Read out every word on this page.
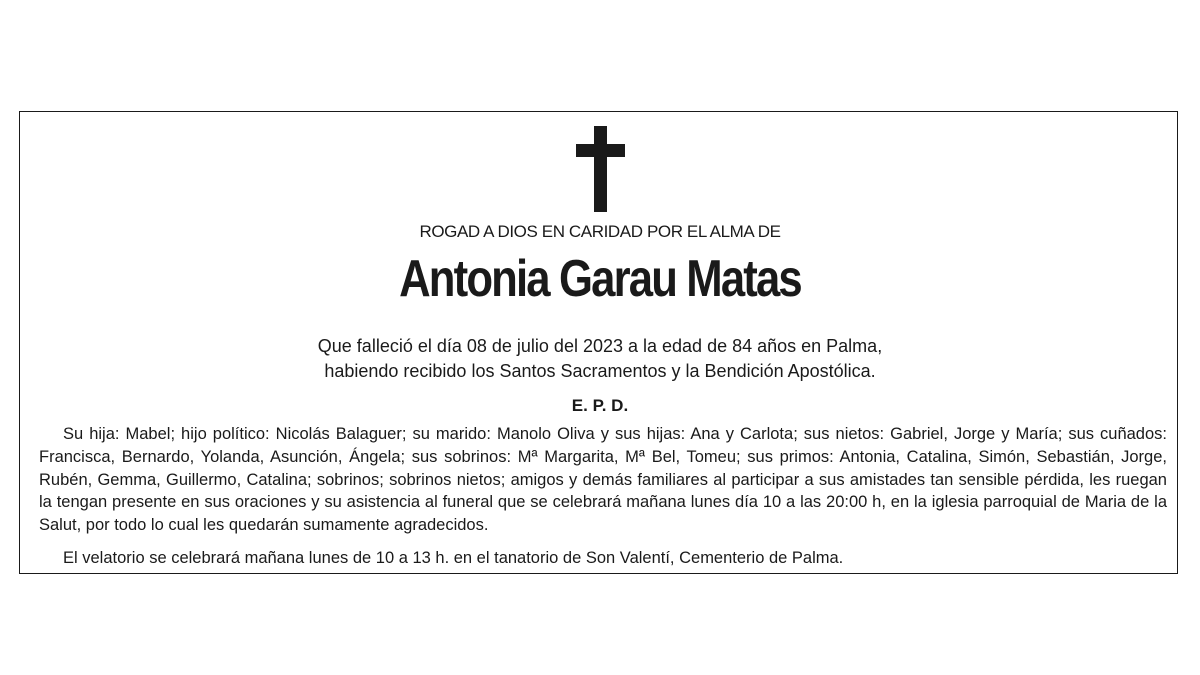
ROGAD A DIOS EN CARIDAD POR EL ALMA DE
Antonia Garau Matas
Que falleció el día 08 de julio del 2023 a la edad de 84 años en Palma,
habiendo recibido los Santos Sacramentos y la Bendición Apostólica.
E. P. D.

Su hija: Mabel; hijo político: Nicolás Balaguer; su marido: Manolo Oliva y sus hijas: Ana y Carlota; sus nietos: Gabriel, Jorge y María; sus cuñados: Francisca, Bernardo, Yolanda, Asunción, Ángela; sus sobrinos: Mª Margarita, Mª Bel, Tomeu; sus primos: Antonia, Catalina, Simón, Sebastián, Jorge, Rubén, Gemma, Guillermo, Catalina; sobrinos; sobrinos nietos; amigos y demás familiares al participar a sus amistades tan sensible pérdida, les ruegan la tengan presente en sus oraciones y su asistencia al funeral que se celebrará mañana lunes día 10 a las 20:00 h, en la iglesia parroquial de Maria de la Salut, por todo lo cual les quedarán sumamente agradecidos.

El velatorio se celebrará mañana lunes de 10 a 13 h. en el tanatorio de Son Valentí, Cementerio de Palma.
